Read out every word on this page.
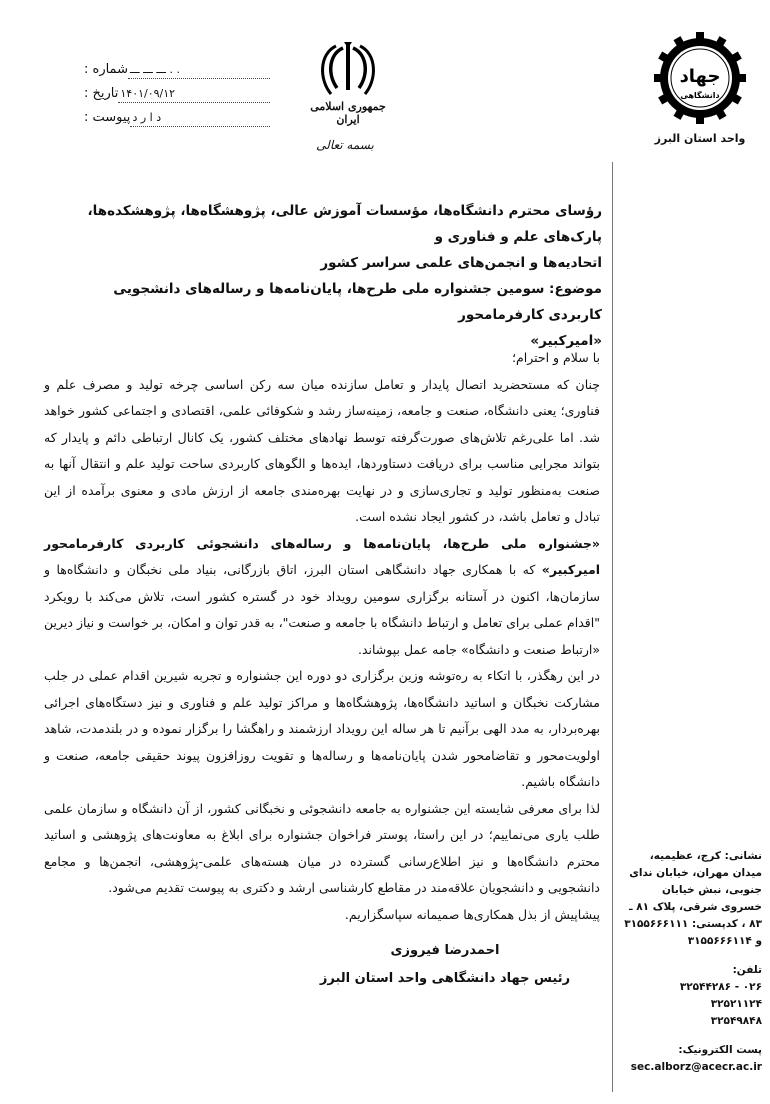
شماره : . . ـــ ـــ ـــ
تاریخ : ۱۴۰۱/۰۹/۱۲
پیوست : د ا ر د
جمهوری اسلامی ایران
بسمه تعالی
جهاد
دانشگاهی
واحد استان البرز
رؤسای محترم دانشگاه‌ها، مؤسسات آموزش عالی، پژوهشگاه‌ها، پژوهشکده‌ها، پارک‌های علم و فناوری و
اتحادیه‌ها و انجمن‌های علمی سراسر کشور
موضوع: سومین جشنواره ملی طرح‌ها، پایان‌نامه‌ها و رساله‌های دانشجویی کاربردی کارفرمامحور
«امیرکبیر»

با سلام و احترام؛

چنان که مستحضرید اتصال پایدار و تعامل سازنده میان سه رکن اساسی چرخه تولید و مصرف علم و فناوری؛ یعنی دانشگاه، صنعت و جامعه، زمینه‌ساز رشد و شکوفائی علمی، اقتصادی و اجتماعی کشور خواهد شد. اما علی‌رغم تلاش‌های صورت‌گرفته توسط نهادهای مختلف کشور، یک کانال ارتباطی دائم و پایدار که بتواند مجرایی مناسب برای دریافت دستاوردها، ایده‌ها و الگوهای کاربردی ساحت تولید علم و انتقال آنها به صنعت به‌منظور تولید و تجاری‌سازی و در نهایت بهره‌مندی جامعه از ارزش مادی و معنوی برآمده از این تبادل و تعامل باشد، در کشور ایجاد نشده است.

«جشنواره ملی طرح‌ها، پایان‌نامه‌ها و رساله‌های دانشجوئی کاربردی کارفرمامحور امیرکبیر» که با همکاری جهاد دانشگاهی استان البرز، اتاق بازرگانی، بنیاد ملی نخبگان و دانشگاه‌ها و سازمان‌ها، اکنون در آستانه برگزاری سومین رویداد خود در گستره کشور است، تلاش می‌کند با رویکرد "اقدام عملی برای تعامل و ارتباط دانشگاه با جامعه و صنعت"، به قدر توان و امکان، بر خواست و نیاز دیرین «ارتباط صنعت و دانشگاه» جامه عمل بپوشاند.

در این رهگذر، با اتکاء به ره‌توشه وزین برگزاری دو دوره این جشنواره و تجربه شیرین اقدام عملی در جلب مشارکت نخبگان و اساتید دانشگاه‌ها، پژوهشگاه‌ها و مراکز تولید علم و فناوری و نیز دستگاه‌های اجرائی بهره‌بردار، به مدد الهی برآنیم تا هر ساله این رویداد ارزشمند و راهگشا را برگزار نموده و در بلندمدت، شاهد اولویت‌محور و تقاضامحور شدن پایان‌نامه‌ها و رساله‌ها و تقویت روزافزون پیوند حقیقی جامعه، صنعت و دانشگاه باشیم.

لذا برای معرفی شایسته این جشنواره به جامعه دانشجوئی و نخبگانی کشور، از آن دانشگاه و سازمان علمی طلب یاری می‌نماییم؛ در این راستا، پوستر فراخوان جشنواره برای ابلاغ به معاونت‌های پژوهشی و اساتید محترم دانشگاه‌ها و نیز اطلاع‌رسانی گسترده در میان هسته‌های علمی-پژوهشی، انجمن‌ها و مجامع دانشجویی و دانشجویان علاقه‌مند در مقاطع کارشناسی ارشد و دکتری به پیوست تقدیم می‌شود.

پیشاپیش از بذل همکاری‌ها صمیمانه سپاسگزاریم.

احمدرضا فیروزی
رئیس جهاد دانشگاهی واحد استان البرز
نشانی: کرج، عظیمیه، میدان مهران، خیابان ندای جنوبی، نبش خیابان خسروی شرقی، پلاک ۸۱ ـ ۸۳ ، کدپستی: ۳۱۵۵۶۶۶۱۱۱ و ۳۱۵۵۶۶۶۱۱۴
تلفن:
۰۲۶ - ۳۲۵۴۴۲۸۶
۳۲۵۲۱۱۲۴
۳۲۵۴۹۸۴۸
پست الکترونیک:
sec.alborz@acecr.ac.ir
